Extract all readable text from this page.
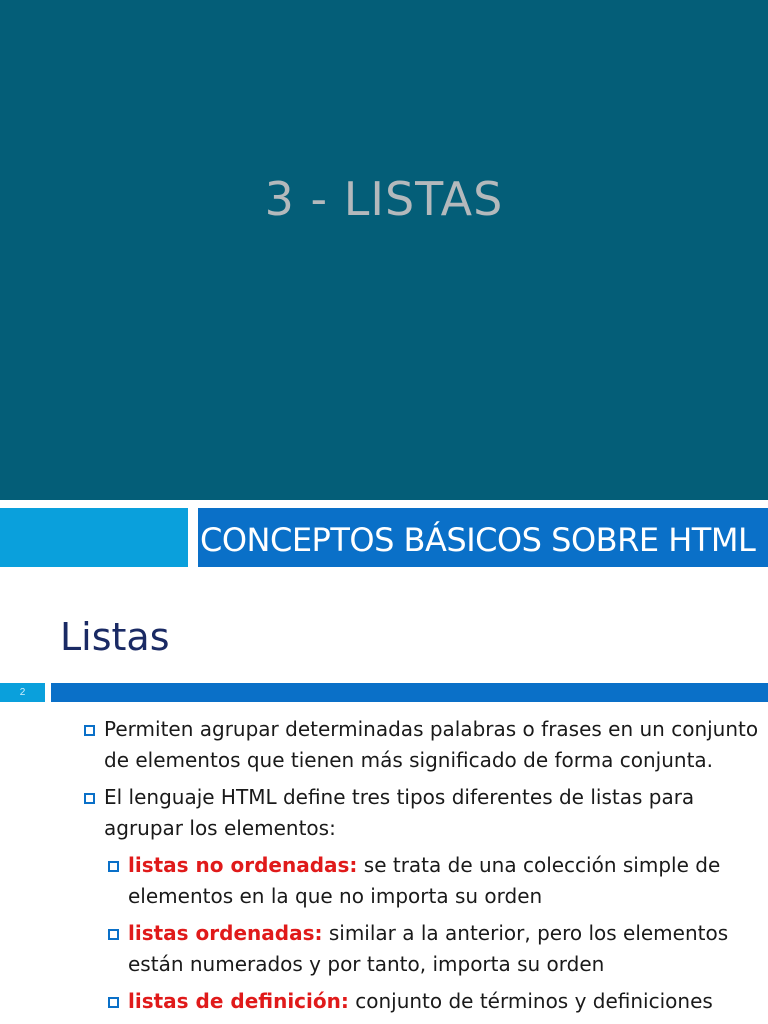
3 - LISTAS
CONCEPTOS BÁSICOS SOBRE HTML
Listas
2
Permiten agrupar determinadas palabras o frases en un conjunto de elementos que tienen más significado de forma conjunta.
El lenguaje HTML define tres tipos diferentes de listas para agrupar los elementos:
listas no ordenadas: se trata de una colección simple de elementos en la que no importa su orden
listas ordenadas: similar a la anterior, pero los elementos están numerados y por tanto, importa su orden
listas de definición: conjunto de términos y definiciones
